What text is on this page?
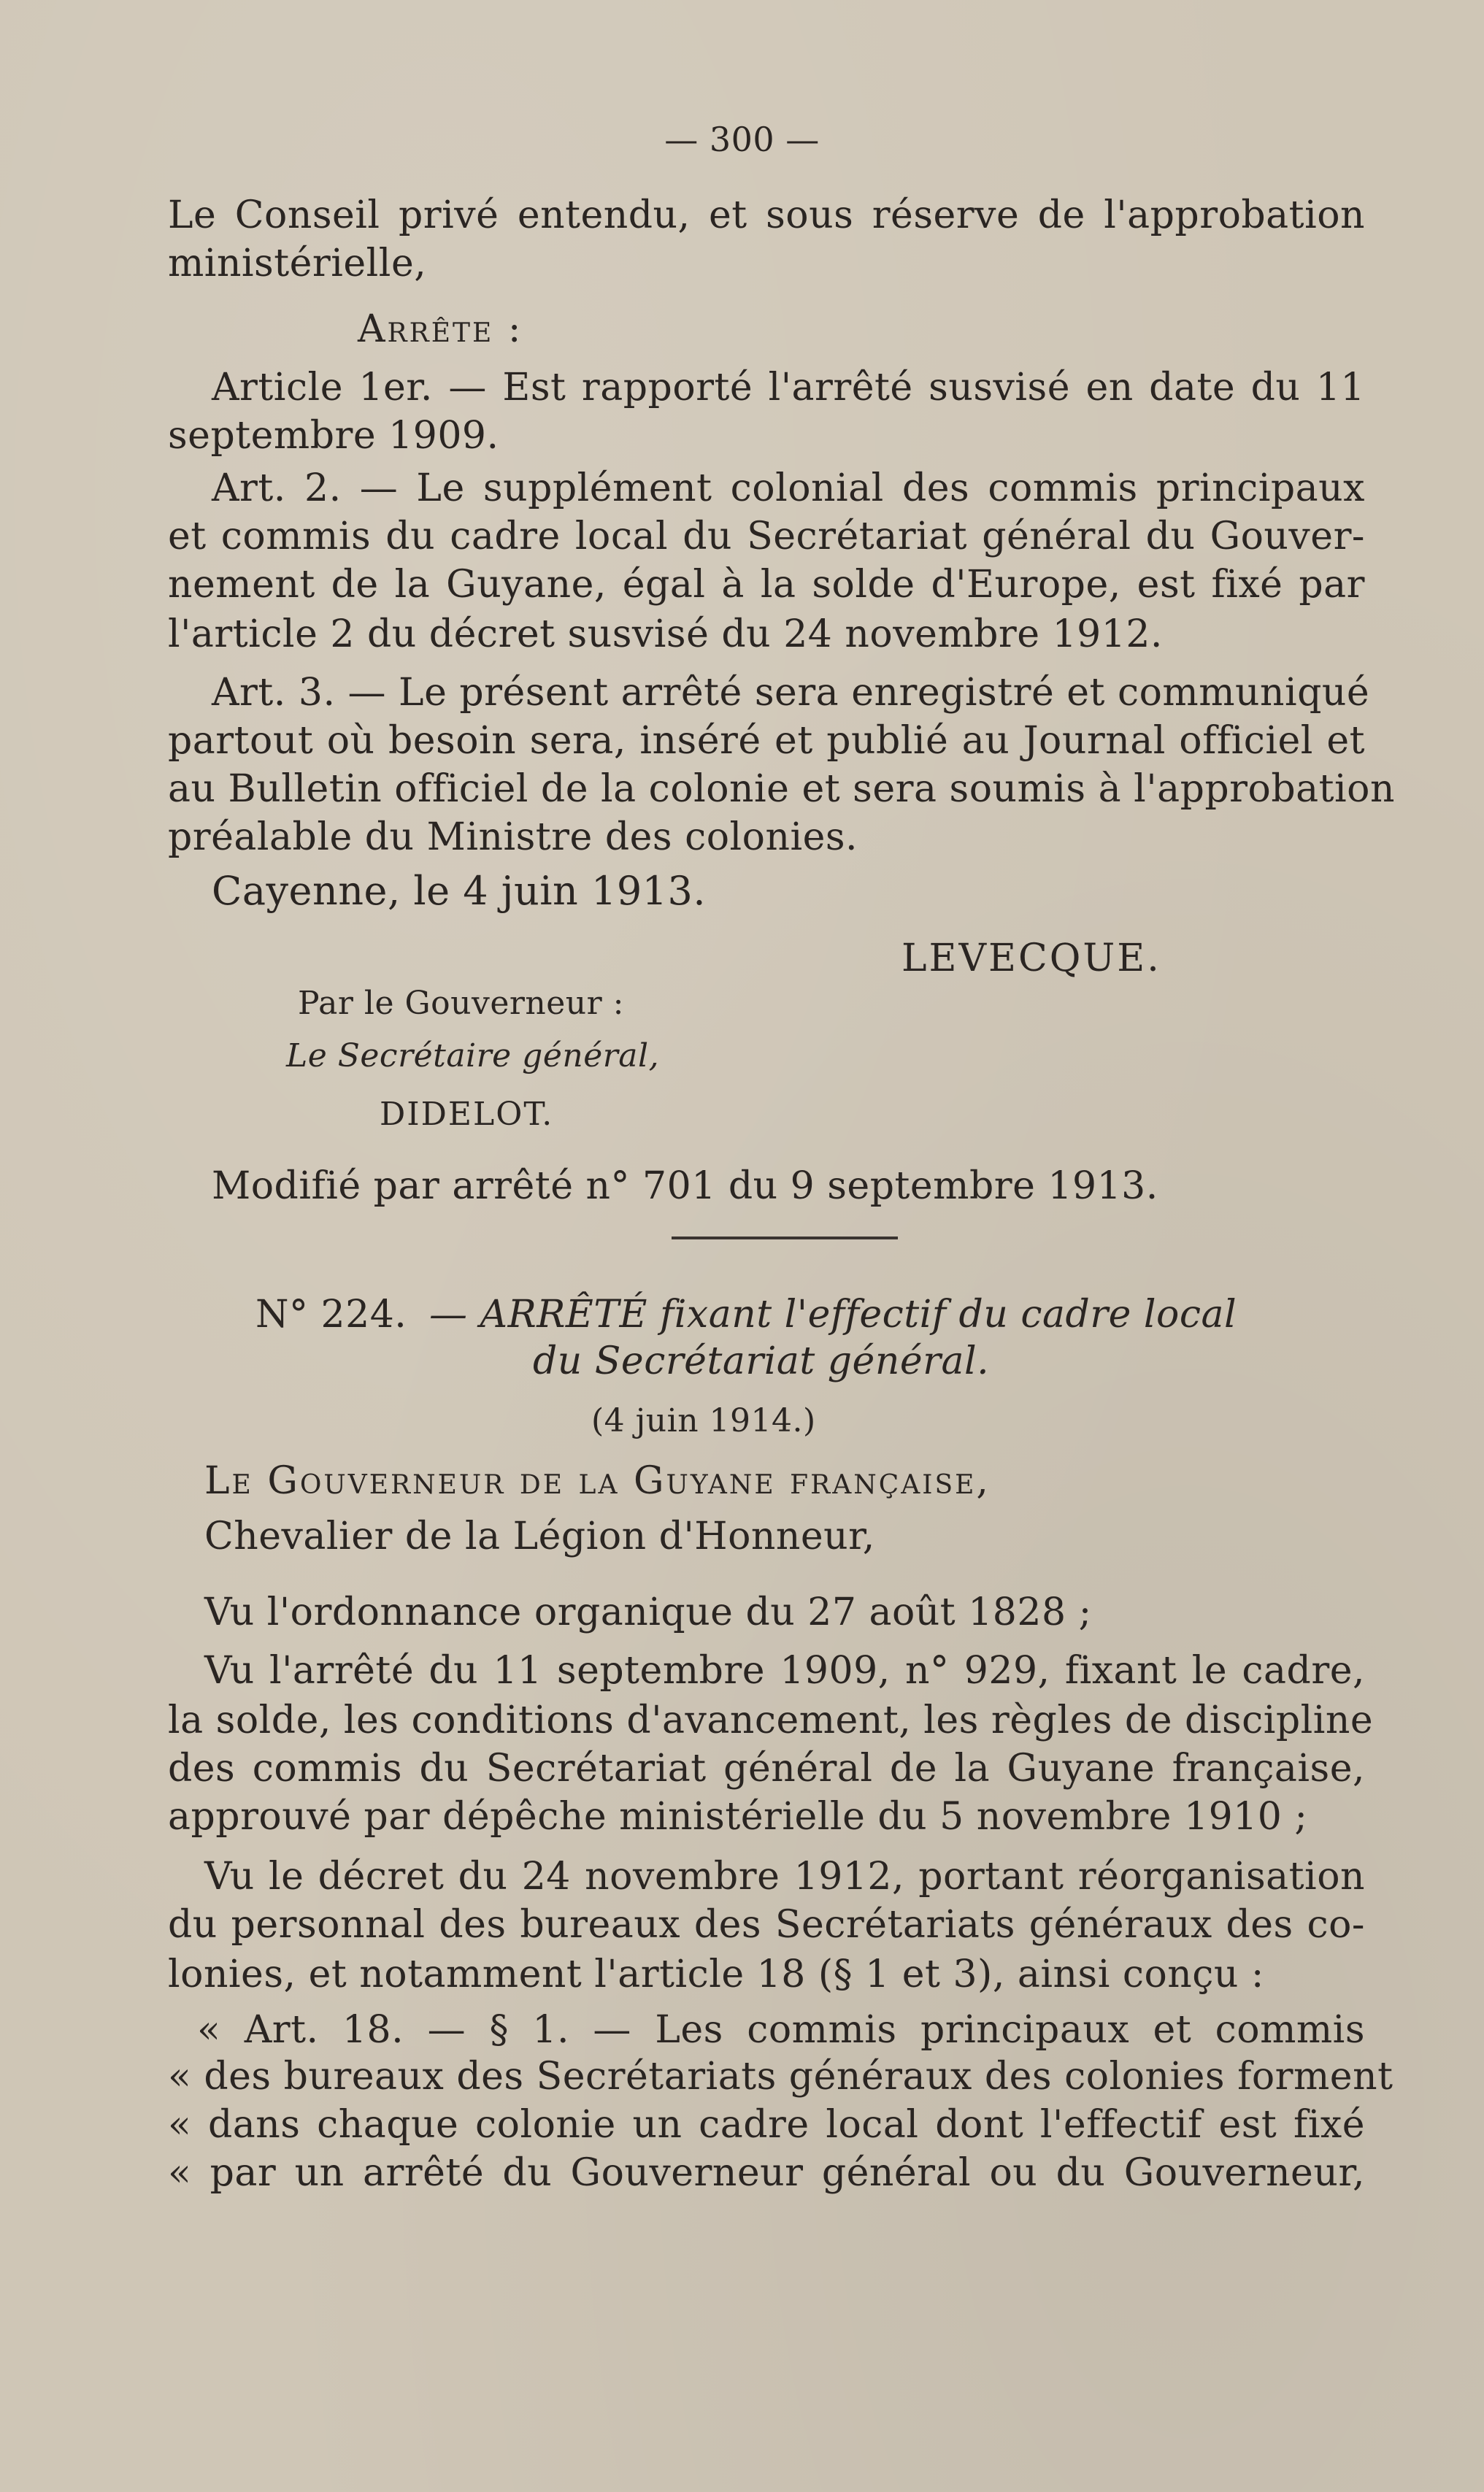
— 300 —
Le Conseil privé entendu, et sous réserve de l'approbation
ministérielle,
Arrête :
Article 1er. — Est rapporté l'arrêté susvisé en date du 11
septembre 1909.
Art. 2. — Le supplément colonial des commis principaux
et commis du cadre local du Secrétariat général du Gouver-
nement de la Guyane, égal à la solde d'Europe, est fixé par
l'article 2 du décret susvisé du 24 novembre 1912.
Art. 3. — Le présent arrêté sera enregistré et communiqué
partout où besoin sera, inséré et publié au Journal officiel et
au Bulletin officiel de la colonie et sera soumis à l'approbation
préalable du Ministre des colonies.
Cayenne, le 4 juin 1913.
LEVECQUE.
Par le Gouverneur :
Le Secrétaire général,
DIDELOT.
Modifié par arrêté n° 701 du 9 septembre 1913.
N° 224. — ARRÊTÉ fixant l'effectif du cadre local
du Secrétariat général.
(4 juin 1914.)
Le Gouverneur de la Guyane française,
Chevalier de la Légion d'Honneur,
Vu l'ordonnance organique du 27 août 1828 ;
Vu l'arrêté du 11 septembre 1909, n° 929, fixant le cadre,
la solde, les conditions d'avancement, les règles de discipline
des commis du Secrétariat général de la Guyane française,
approuvé par dépêche ministérielle du 5 novembre 1910 ;
Vu le décret du 24 novembre 1912, portant réorganisation
du personnal des bureaux des Secrétariats généraux des co-
lonies, et notamment l'article 18 (§ 1 et 3), ainsi conçu :
« Art. 18. — § 1. — Les commis principaux et commis
« des bureaux des Secrétariats généraux des colonies forment
« dans chaque colonie un cadre local dont l'effectif est fixé
« par un arrêté du Gouverneur général ou du Gouverneur,
